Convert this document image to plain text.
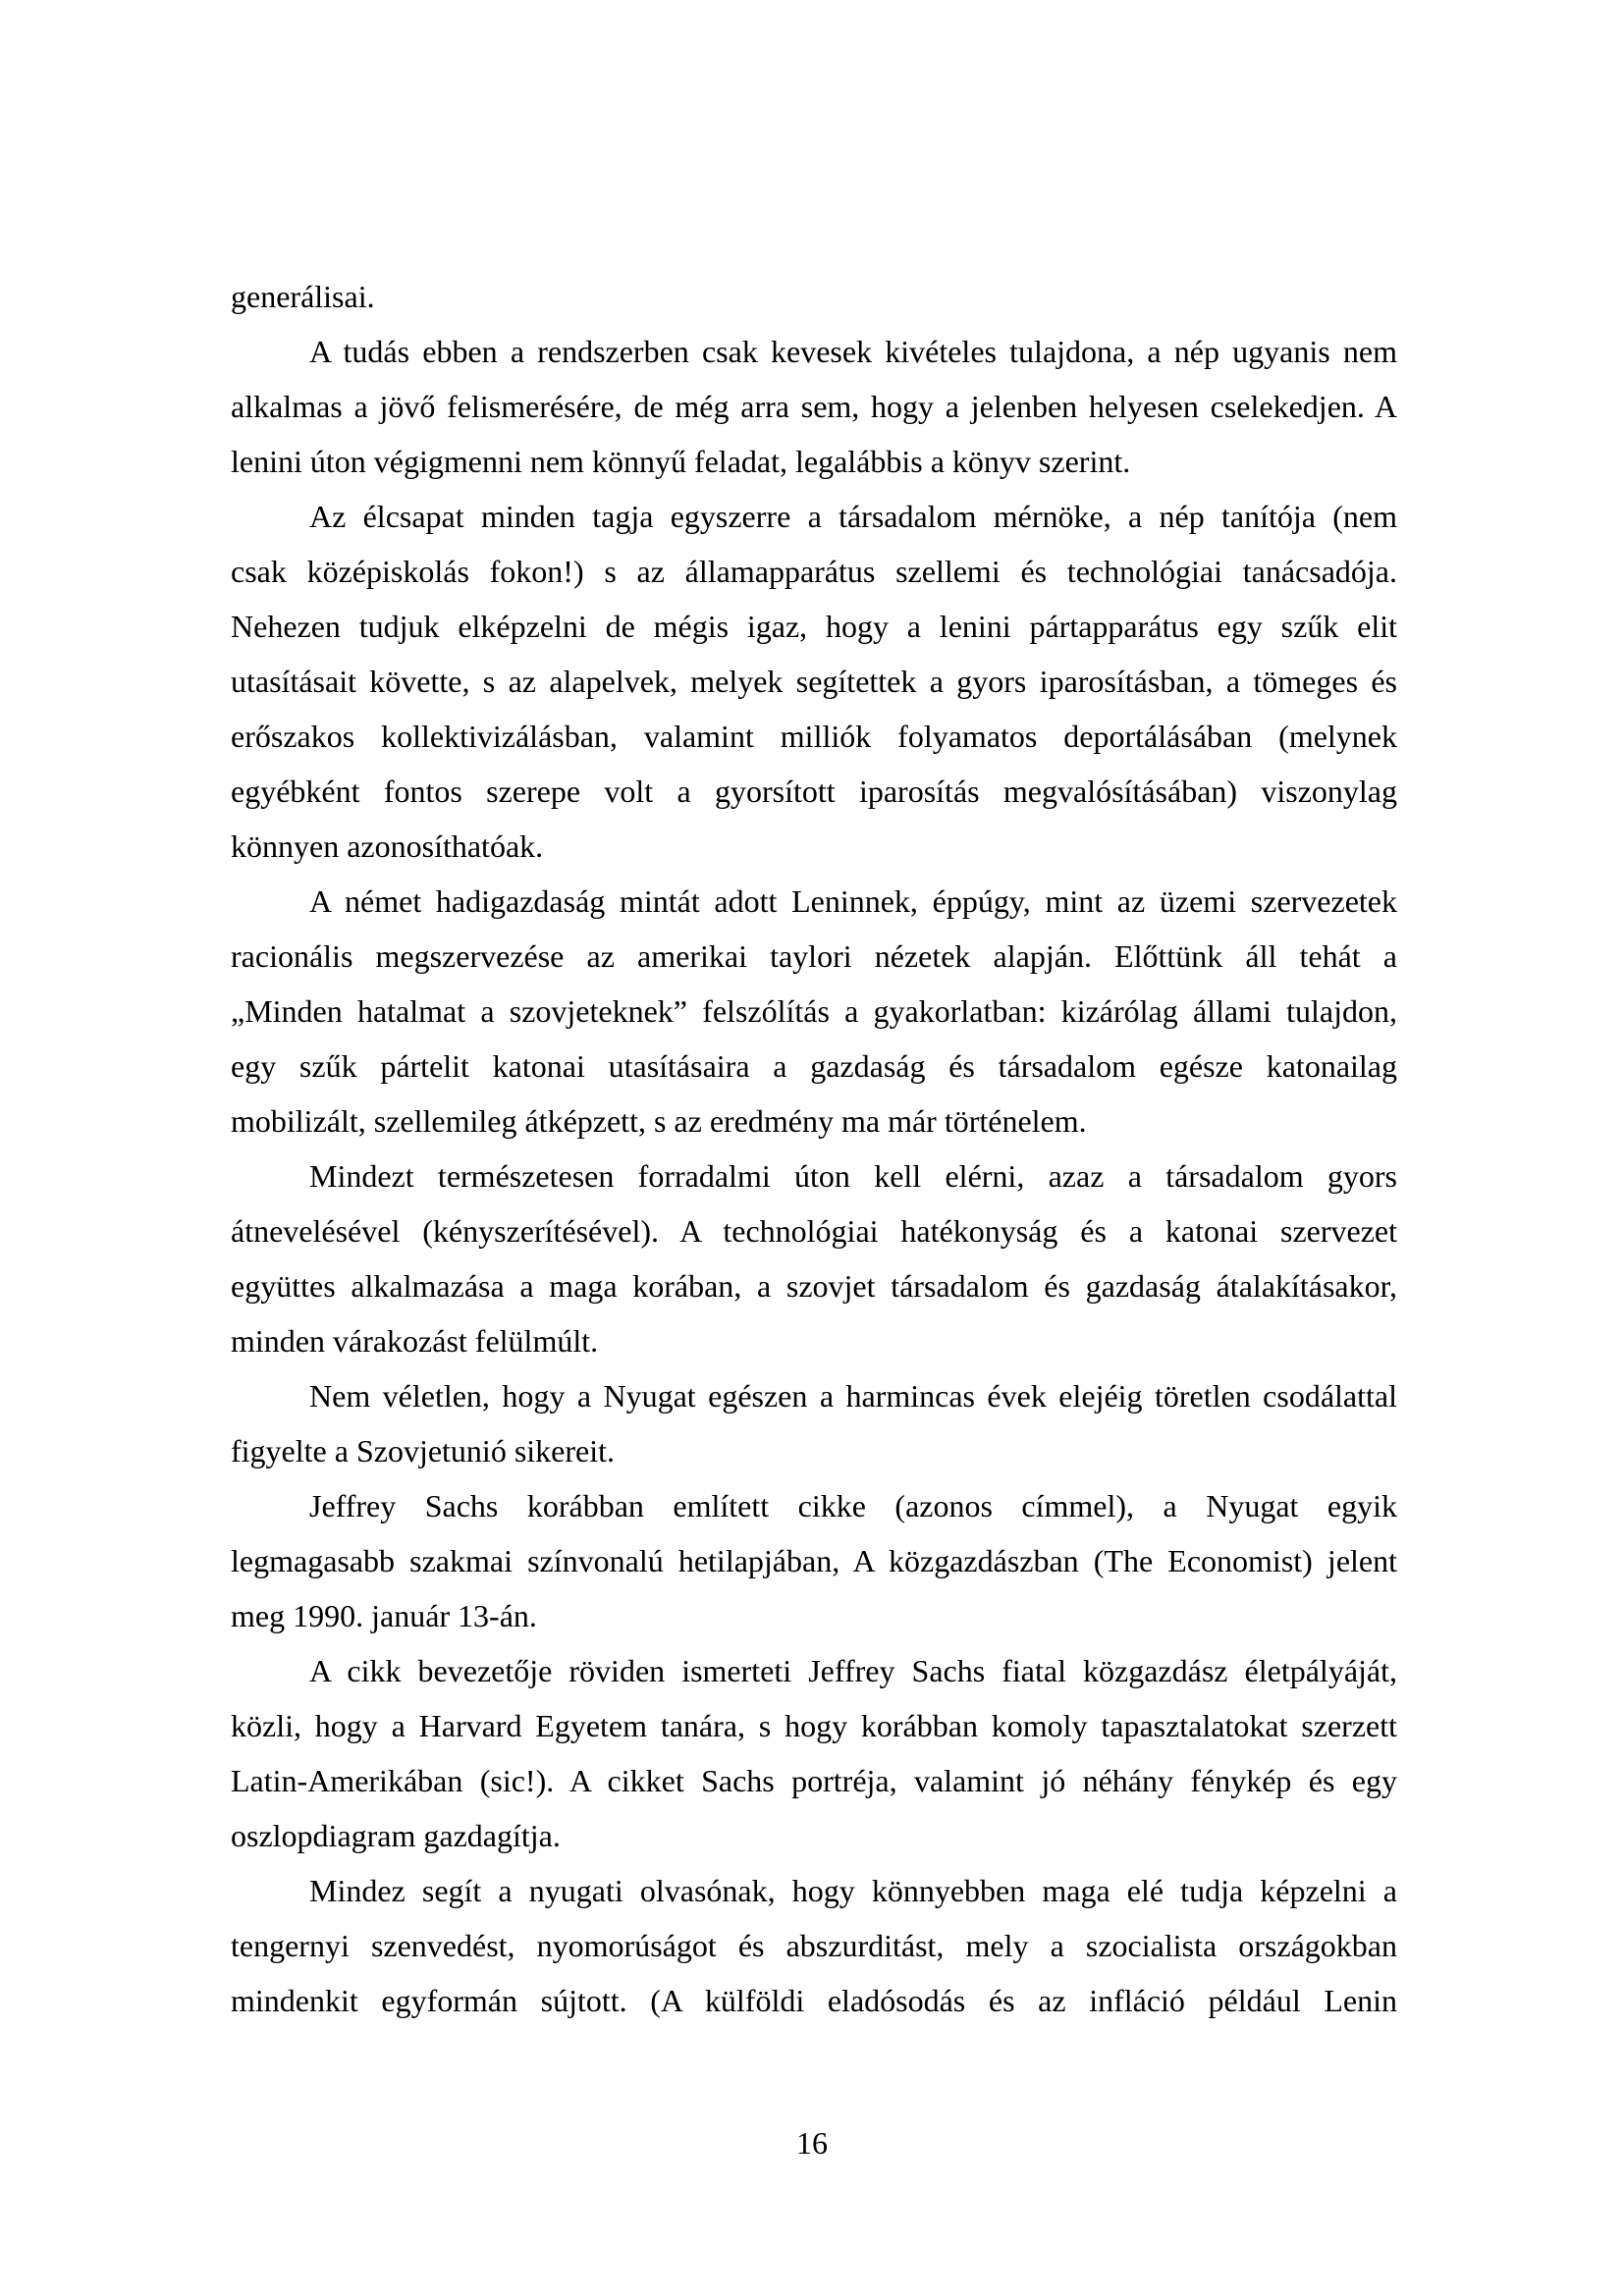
generálisai.
A tudás ebben a rendszerben csak kevesek kivételes tulajdona, a nép ugyanis nem
alkalmas a jövő felismerésére, de még arra sem, hogy a jelenben helyesen cselekedjen. A
lenini úton végigmenni nem könnyű feladat, legalábbis a könyv szerint.
Az élcsapat minden tagja egyszerre a társadalom mérnöke, a nép tanítója (nem
csak középiskolás fokon!) s az államapparátus szellemi és technológiai tanácsadója.
Nehezen tudjuk elképzelni de mégis igaz, hogy a lenini pártapparátus egy szűk elit
utasításait követte, s az alapelvek, melyek segítettek a gyors iparosításban, a tömeges és
erőszakos kollektivizálásban, valamint milliók folyamatos deportálásában (melynek
egyébként fontos szerepe volt a gyorsított iparosítás megvalósításában) viszonylag
könnyen azonosíthatóak.
A német hadigazdaság mintát adott Leninnek, éppúgy, mint az üzemi szervezetek
racionális megszervezése az amerikai taylori nézetek alapján. Előttünk áll tehát a
„Minden hatalmat a szovjeteknek” felszólítás a gyakorlatban: kizárólag állami tulajdon,
egy szűk pártelit katonai utasításaira a gazdaság és társadalom egésze katonailag
mobilizált, szellemileg átképzett, s az eredmény ma már történelem.
Mindezt természetesen forradalmi úton kell elérni, azaz a társadalom gyors
átnevelésével (kényszerítésével). A technológiai hatékonyság és a katonai szervezet
együttes alkalmazása a maga korában, a szovjet társadalom és gazdaság átalakításakor,
minden várakozást felülmúlt.
Nem véletlen, hogy a Nyugat egészen a harmincas évek elejéig töretlen csodálattal
figyelte a Szovjetunió sikereit.
Jeffrey Sachs korábban említett cikke (azonos címmel), a Nyugat egyik
legmagasabb szakmai színvonalú hetilapjában, A közgazdászban (The Economist) jelent
meg 1990. január 13-án.
A cikk bevezetője röviden ismerteti Jeffrey Sachs fiatal közgazdász életpályáját,
közli, hogy a Harvard Egyetem tanára, s hogy korábban komoly tapasztalatokat szerzett
Latin-Amerikában (sic!). A cikket Sachs portréja, valamint jó néhány fénykép és egy
oszlopdiagram gazdagítja.
Mindez segít a nyugati olvasónak, hogy könnyebben maga elé tudja képzelni a
tengernyi szenvedést, nyomorúságot és abszurditást, mely a szocialista országokban
mindenkit egyformán sújtott. (A külföldi eladósodás és az infláció például Lenin
16
